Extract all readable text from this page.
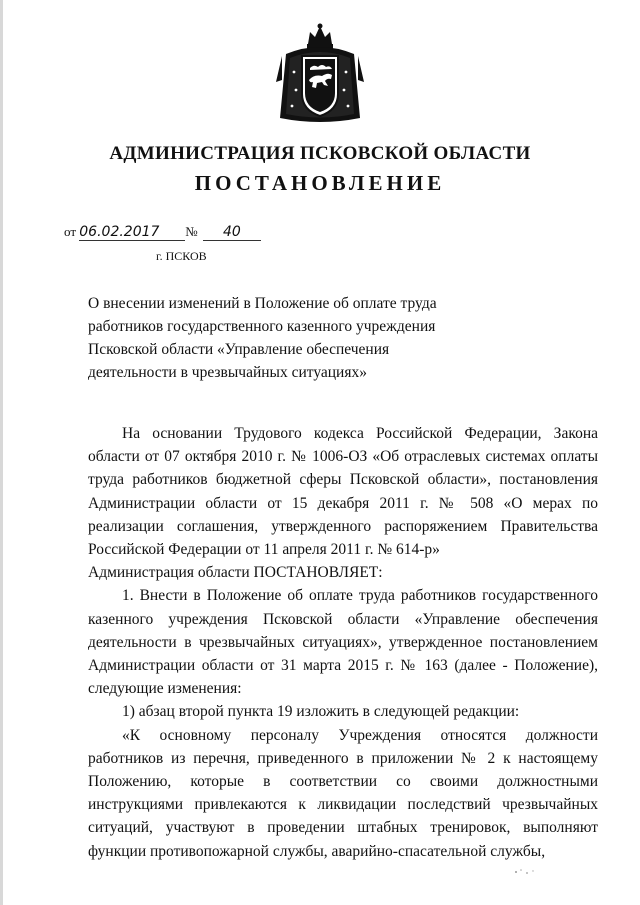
АДМИНИСТРАЦИЯ ПСКОВСКОЙ ОБЛАСТИ
ПОСТАНОВЛЕНИЕ
от 06.02.2017 № 40
г. ПСКОВ

О внесении изменений в Положение об оплате труда

работников государственного казенного учреждения

Псковской области «Управление обеспечения

деятельности в чрезвычайных ситуациях»

На основании Трудового кодекса Российской Федерации, Закона области от 07 октября 2010 г. № 1006-ОЗ «Об отраслевых системах оплаты труда работников бюджетной сферы Псковской области», постановления Администрации области от 15 декабря 2011 г. № 508 «О мерах по реализации соглашения, утвержденного распоряжением Правительства Российской Федерации от 11 апреля 2011 г. № 614-р»

Администрация области ПОСТАНОВЛЯЕТ:

1. Внести в Положение об оплате труда работников государственного казенного учреждения Псковской области «Управление обеспечения деятельности в чрезвычайных ситуациях», утвержденное постановлением Администрации области от 31 марта 2015 г. № 163 (далее - Положение), следующие изменения:

1) абзац второй пункта 19 изложить в следующей редакции:

«К основному персоналу Учреждения относятся должности работников из перечня, приведенного в приложении № 2 к настоящему Положению, которые в соответствии со своими должностными инструкциями привлекаются к ликвидации последствий чрезвычайных ситуаций, участвуют в проведении штабных тренировок, выполняют функции противопожарной службы, аварийно-спасательной службы,
